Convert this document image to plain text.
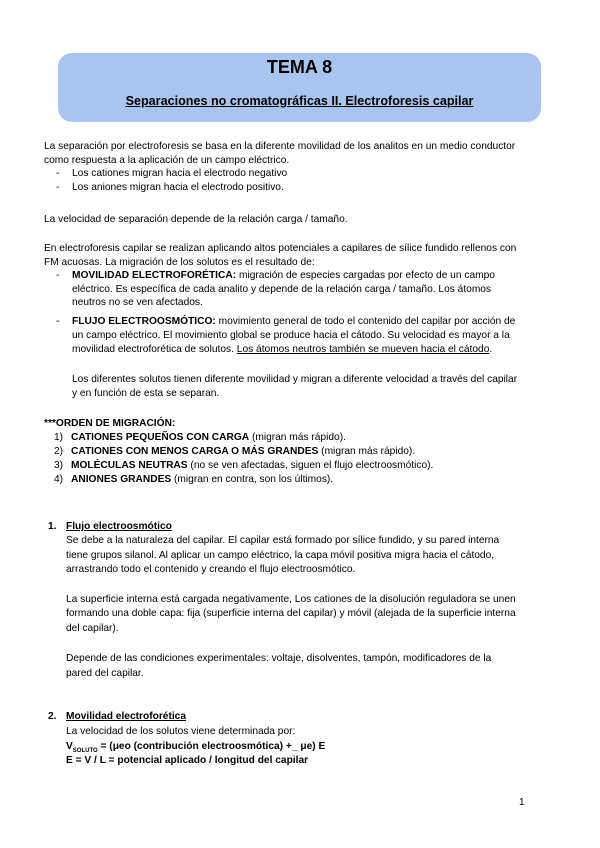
TEMA 8
Separaciones no cromatográficas II. Electroforesis capilar
La separación por electroforesis se basa en la diferente movilidad de los analitos en un medio conductor
como respuesta a la aplicación de un campo eléctrico.
- Los cationes migran hacia el electrodo negativo
- Los aniones migran hacia el electrodo positivo.
La velocidad de separación depende de la relación carga / tamaño.
En electroforesis capilar se realizan aplicando altos potenciales a capilares de sílice fundido rellenos con
FM acuosas. La migración de los solutos es el resultado de:
- MOVILIDAD ELECTROFORÉTICA: migración de especies cargadas por efecto de un campo
eléctrico. Es específica de cada analito y depende de la relación carga / tamaño. Los átomos
neutros no se ven afectados.
- FLUJO ELECTROOSMÓTICO: movimiento general de todo el contenido del capilar por acción de
un campo eléctrico. El movimiento global se produce hacia el cátodo. Su velocidad es mayor a la
movilidad electroforética de solutos. Los átomos neutros también se mueven hacia el cátodo.
Los diferentes solutos tienen diferente movilidad y migran a diferente velocidad a través del capilar
y en función de esta se separan.
***ORDEN DE MIGRACIÓN:
1) CATIONES PEQUEÑOS CON CARGA (migran más rápido).
2) CATIONES CON MENOS CARGA O MÁS GRANDES (migran más rápido).
3) MOLÉCULAS NEUTRAS (no se ven afectadas, siguen el flujo electroosmótico).
4) ANIONES GRANDES (migran en contra, son los últimos).
1. Flujo electroosmótico
Se debe a la naturaleza del capilar. El capilar está formado por sílice fundido, y su pared interna
tiene grupos silanol. Al aplicar un campo eléctrico, la capa móvil positiva migra hacia el cátodo,
arrastrando todo el contenido y creando el flujo electroosmótico.
La superficie interna está cargada negativamente, Los cationes de la disolución reguladora se unen
formando una doble capa: fija (superficie interna del capilar) y móvil (alejada de la superficie interna
del capilar).
Depende de las condiciones experimentales: voltaje, disolventes, tampón, modificadores de la
pared del capilar.
2. Movilidad electroforética
La velocidad de los solutos viene determinada por:
$V_{SOLUTO} = (\mu eo$ (contribución electroosmótica) +_ μe) E
E = V / L = potencial aplicado / longitud del capilar
1
